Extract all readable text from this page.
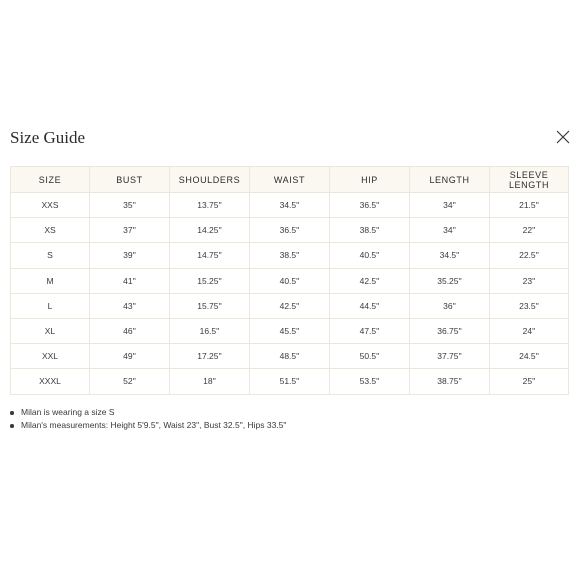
Size Guide
SIZE	BUST	SHOULDERS	WAIST	HIP	LENGTH	SLEEVE LENGTH
XXS	35''	13.75''	34.5''	36.5''	34''	21.5''
XS	37''	14.25''	36.5''	38.5''	34''	22''
S	39''	14.75''	38.5''	40.5''	34.5''	22.5''
M	41''	15.25''	40.5''	42.5''	35.25''	23''
L	43''	15.75''	42.5''	44.5''	36''	23.5''
XL	46''	16.5''	45.5''	47.5''	36.75''	24''
XXL	49''	17.25''	48.5''	50.5''	37.75''	24.5''
XXXL	52''	18''	51.5''	53.5''	38.75''	25''
Milan is wearing a size S
Milan's measurements: Height 5'9.5", Waist 23", Bust 32.5", Hips 33.5"
